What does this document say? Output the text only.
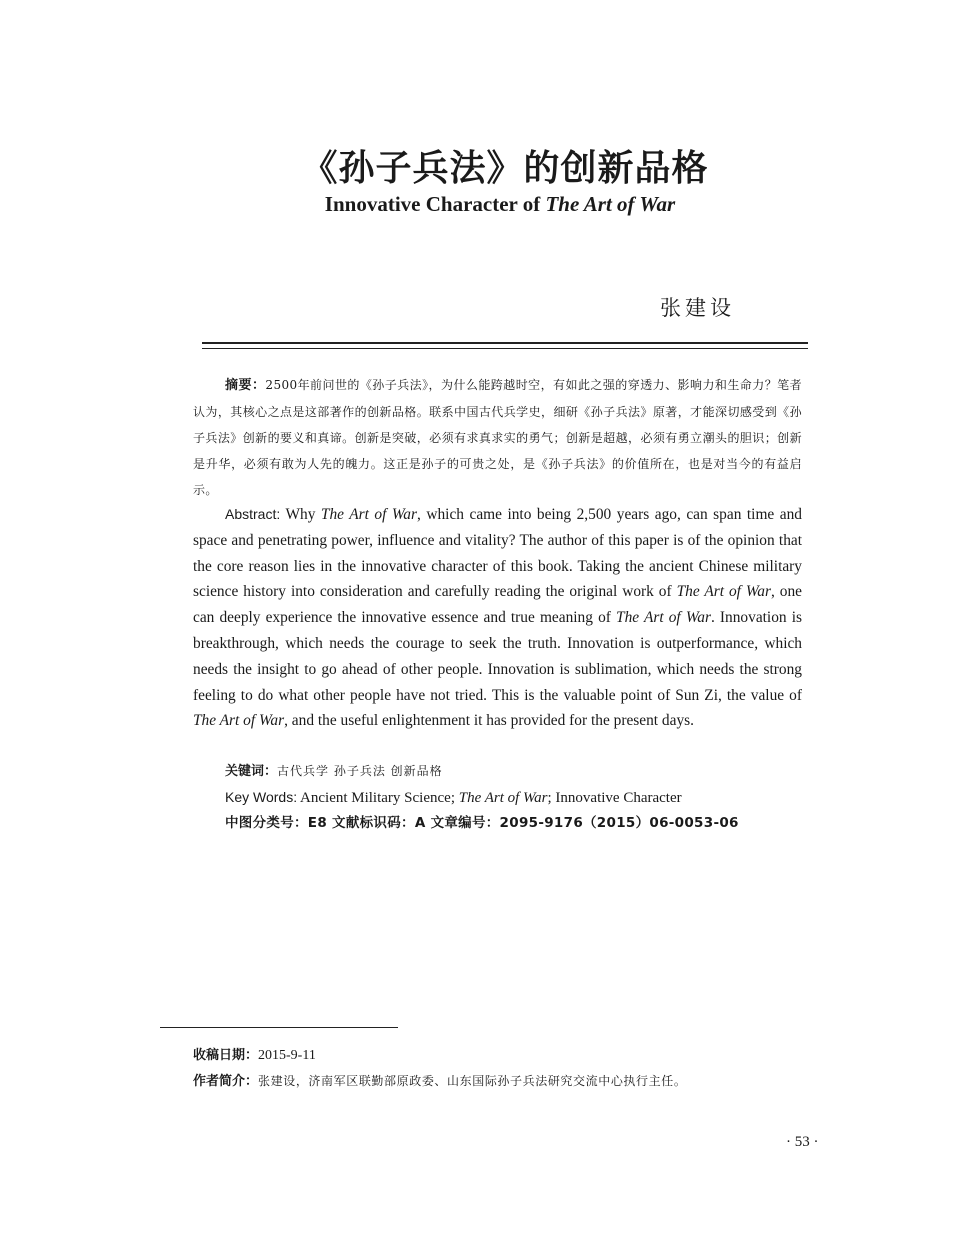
《孙子兵法》的创新品格
Innovative Character of The Art of War
张建设
摘要：2500年前问世的《孙子兵法》，为什么能跨越时空，有如此之强的穿透力、影响力和生命力？笔者认为，其核心之点是这部著作的创新品格。联系中国古代兵学史，细研《孙子兵法》原著，才能深切感受到《孙子兵法》创新的要义和真谛。创新是突破，必须有求真求实的勇气；创新是超越，必须有勇立潮头的胆识；创新是升华，必须有敢为人先的魄力。这正是孙子的可贵之处，是《孙子兵法》的价值所在，也是对当今的有益启示。
Abstract: Why The Art of War, which came into being 2,500 years ago, can span time and space and penetrating power, influence and vitality? The author of this paper is of the opinion that the core reason lies in the innovative character of this book. Taking the ancient Chinese military science history into consideration and carefully reading the original work of The Art of War, one can deeply experience the innovative essence and true meaning of The Art of War. Innovation is breakthrough, which needs the courage to seek the truth. Innovation is outperformance, which needs the insight to go ahead of other people. Innovation is sublimation, which needs the strong feeling to do what other people have not tried. This is the valuable point of Sun Zi, the value of The Art of War, and the useful enlightenment it has provided for the present days.
关键词：古代兵学 孙子兵法 创新品格
Key Words: Ancient Military Science; The Art of War; Innovative Character
中图分类号：E8 文献标识码：A 文章编号：2095-9176（2015）06-0053-06
收稿日期：2015-9-11
作者简介：张建设，济南军区联勤部原政委、山东国际孙子兵法研究交流中心执行主任。
· 53 ·
